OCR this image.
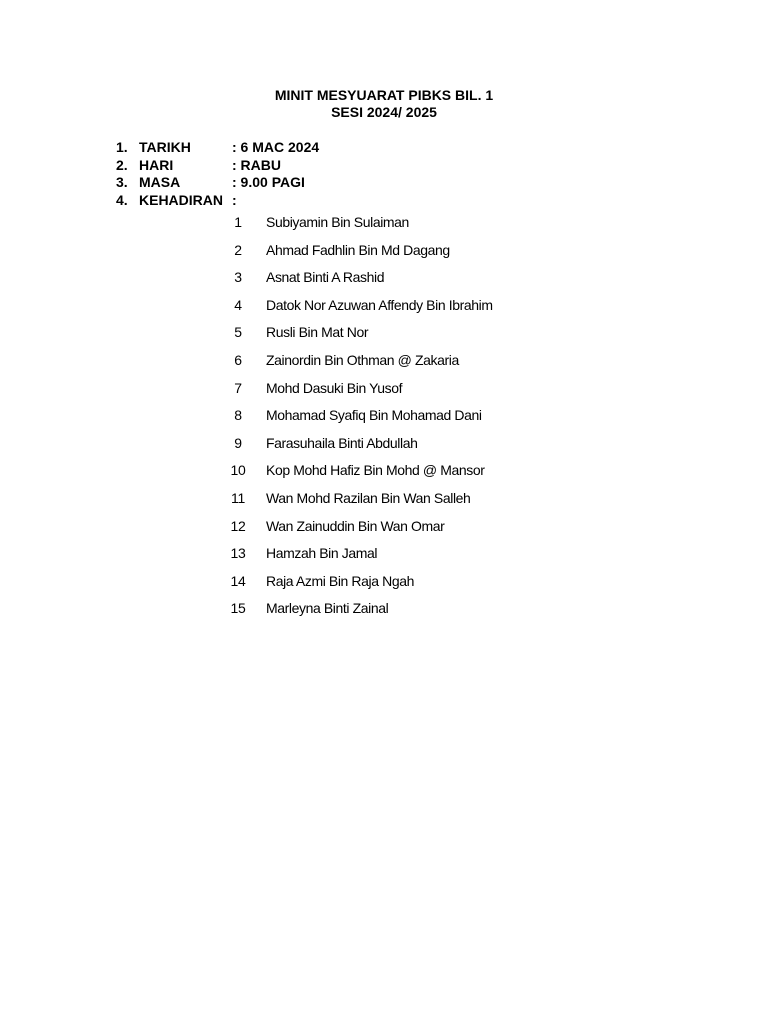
MINIT MESYUARAT PIBKS BIL. 1
SESI 2024/ 2025
1. TARIKH	: 6 MAC 2024
2. HARI	: RABU
3. MASA	: 9.00 PAGI
4. KEHADIRAN :
1	Subiyamin Bin Sulaiman
2	Ahmad Fadhlin Bin Md Dagang
3	Asnat Binti A Rashid
4	Datok Nor Azuwan Affendy Bin Ibrahim
5	Rusli Bin Mat Nor
6	Zainordin Bin Othman @ Zakaria
7	Mohd Dasuki Bin Yusof
8	Mohamad Syafiq Bin Mohamad Dani
9	Farasuhaila Binti Abdullah
10	Kop Mohd Hafiz Bin Mohd @ Mansor
11	Wan Mohd Razilan Bin Wan Salleh
12	Wan Zainuddin Bin Wan Omar
13	Hamzah Bin Jamal
14	Raja Azmi Bin Raja Ngah
15	Marleyna Binti Zainal
